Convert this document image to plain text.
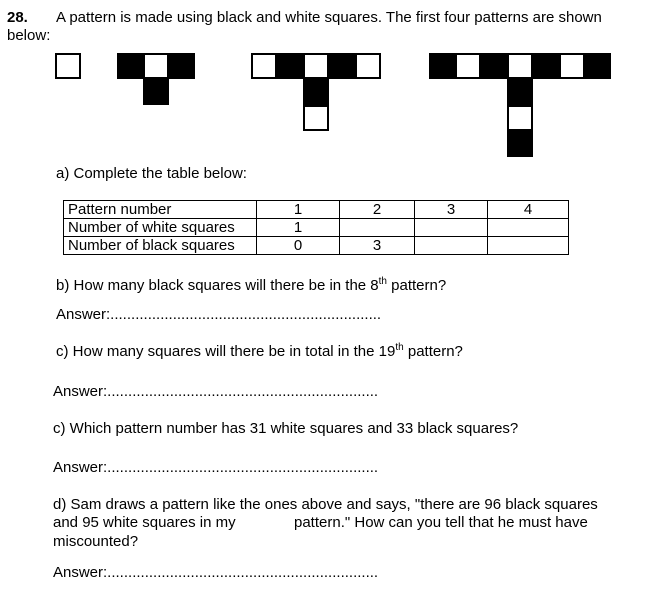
28. A pattern is made using black and white squares. The first four patterns are shown
below:
a) Complete the table below:
Pattern number	1	2	3	4
Number of white squares	1			
Number of black squares	0	3		
b) How many black squares will there be in the 8th pattern?
Answer:.................................................................
c) How many squares will there be in total in the 19th pattern?
Answer:.................................................................
c) Which pattern number has 31 white squares and 33 black squares?
Answer:.................................................................
d) Sam draws a pattern like the ones above and says, "there are 96 black squares
and 95 white squares in my	pattern." How can you tell that he must have
miscounted?
Answer:.................................................................
